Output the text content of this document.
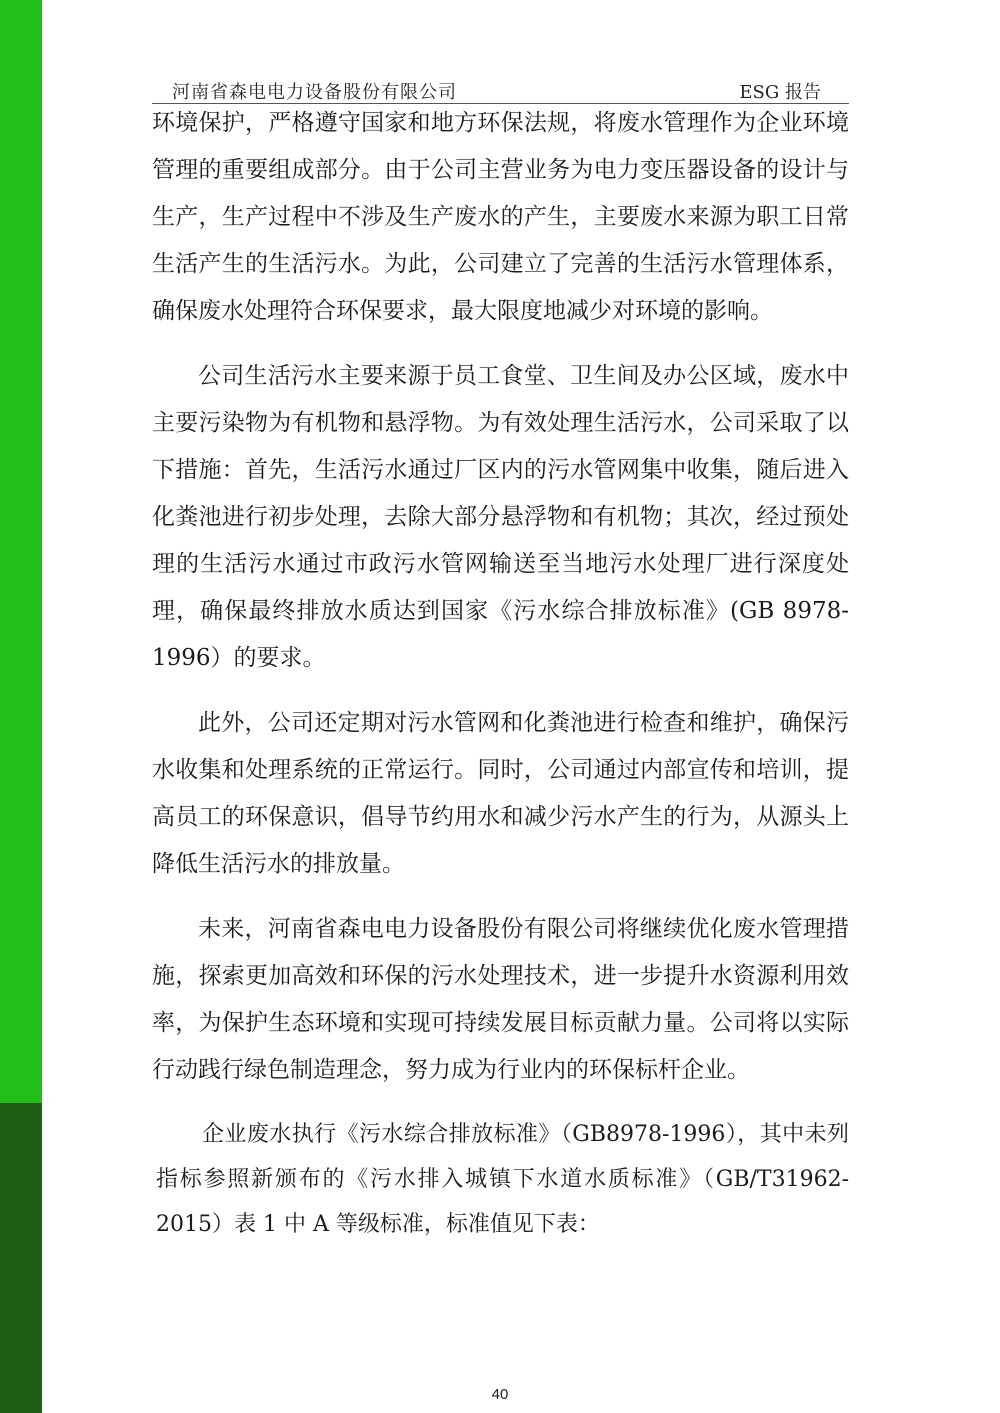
河南省森电电力设备股份有限公司	ESG 报告

环境保护，严格遵守国家和地方环保法规，将废水管理作为企业环境管理的重要组成部分。由于公司主营业务为电力变压器设备的设计与生产，生产过程中不涉及生产废水的产生，主要废水来源为职工日常生活产生的生活污水。为此，公司建立了完善的生活污水管理体系，确保废水处理符合环保要求，最大限度地减少对环境的影响。

公司生活污水主要来源于员工食堂、卫生间及办公区域，废水中主要污染物为有机物和悬浮物。为有效处理生活污水，公司采取了以下措施：首先，生活污水通过厂区内的污水管网集中收集，随后进入化粪池进行初步处理，去除大部分悬浮物和有机物；其次，经过预处理的生活污水通过市政污水管网输送至当地污水处理厂进行深度处理，确保最终排放水质达到国家《污水综合排放标准》(GB 8978-1996）的要求。

此外，公司还定期对污水管网和化粪池进行检查和维护，确保污水收集和处理系统的正常运行。同时，公司通过内部宣传和培训，提高员工的环保意识，倡导节约用水和减少污水产生的行为，从源头上降低生活污水的排放量。

未来，河南省森电电力设备股份有限公司将继续优化废水管理措施，探索更加高效和环保的污水处理技术，进一步提升水资源利用效率，为保护生态环境和实现可持续发展目标贡献力量。公司将以实际行动践行绿色制造理念，努力成为行业内的环保标杆企业。

企业废水执行《污水综合排放标准》（GB8978-1996），其中未列指标参照新颁布的《污水排入城镇下水道水质标准》（GB/T31962-2015）表 1 中 A 等级标准，标准值见下表：

40
